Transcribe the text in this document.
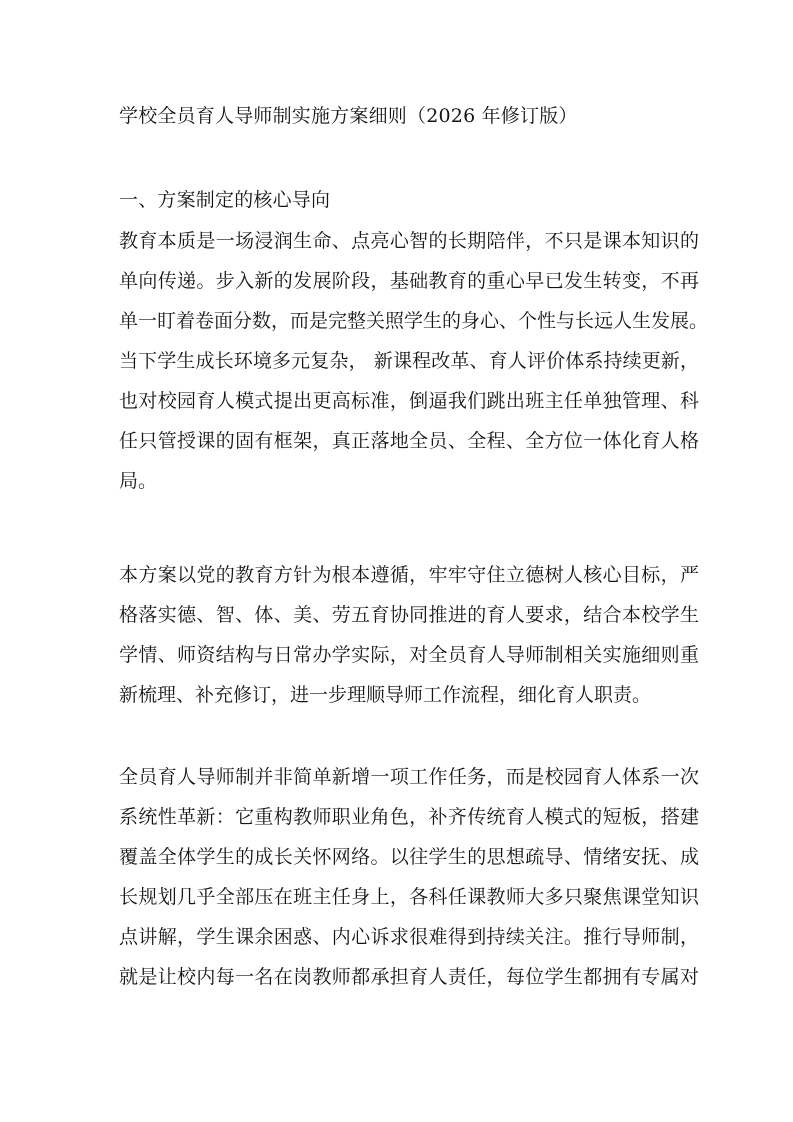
学校全员育人导师制实施方案细则（2026 年修订版）
一、方案制定的核心导向
教育本质是一场浸润生命、点亮心智的长期陪伴，不只是课本知识的
单向传递。步入新的发展阶段，基础教育的重心早已发生转变，不再
单一盯着卷面分数，而是完整关照学生的身心、个性与长远人生发展。
当下学生成长环境多元复杂， 新课程改革、育人评价体系持续更新，
也对校园育人模式提出更高标准，倒逼我们跳出班主任单独管理、科
任只管授课的固有框架，真正落地全员、全程、全方位一体化育人格
局。
本方案以党的教育方针为根本遵循，牢牢守住立德树人核心目标，严
格落实德、智、体、美、劳五育协同推进的育人要求，结合本校学生
学情、师资结构与日常办学实际，对全员育人导师制相关实施细则重
新梳理、补充修订，进一步理顺导师工作流程，细化育人职责。
全员育人导师制并非简单新增一项工作任务，而是校园育人体系一次
系统性革新：它重构教师职业角色，补齐传统育人模式的短板，搭建
覆盖全体学生的成长关怀网络。以往学生的思想疏导、情绪安抚、成
长规划几乎全部压在班主任身上，各科任课教师大多只聚焦课堂知识
点讲解，学生课余困惑、内心诉求很难得到持续关注。推行导师制，
就是让校内每一名在岗教师都承担育人责任，每位学生都拥有专属对
